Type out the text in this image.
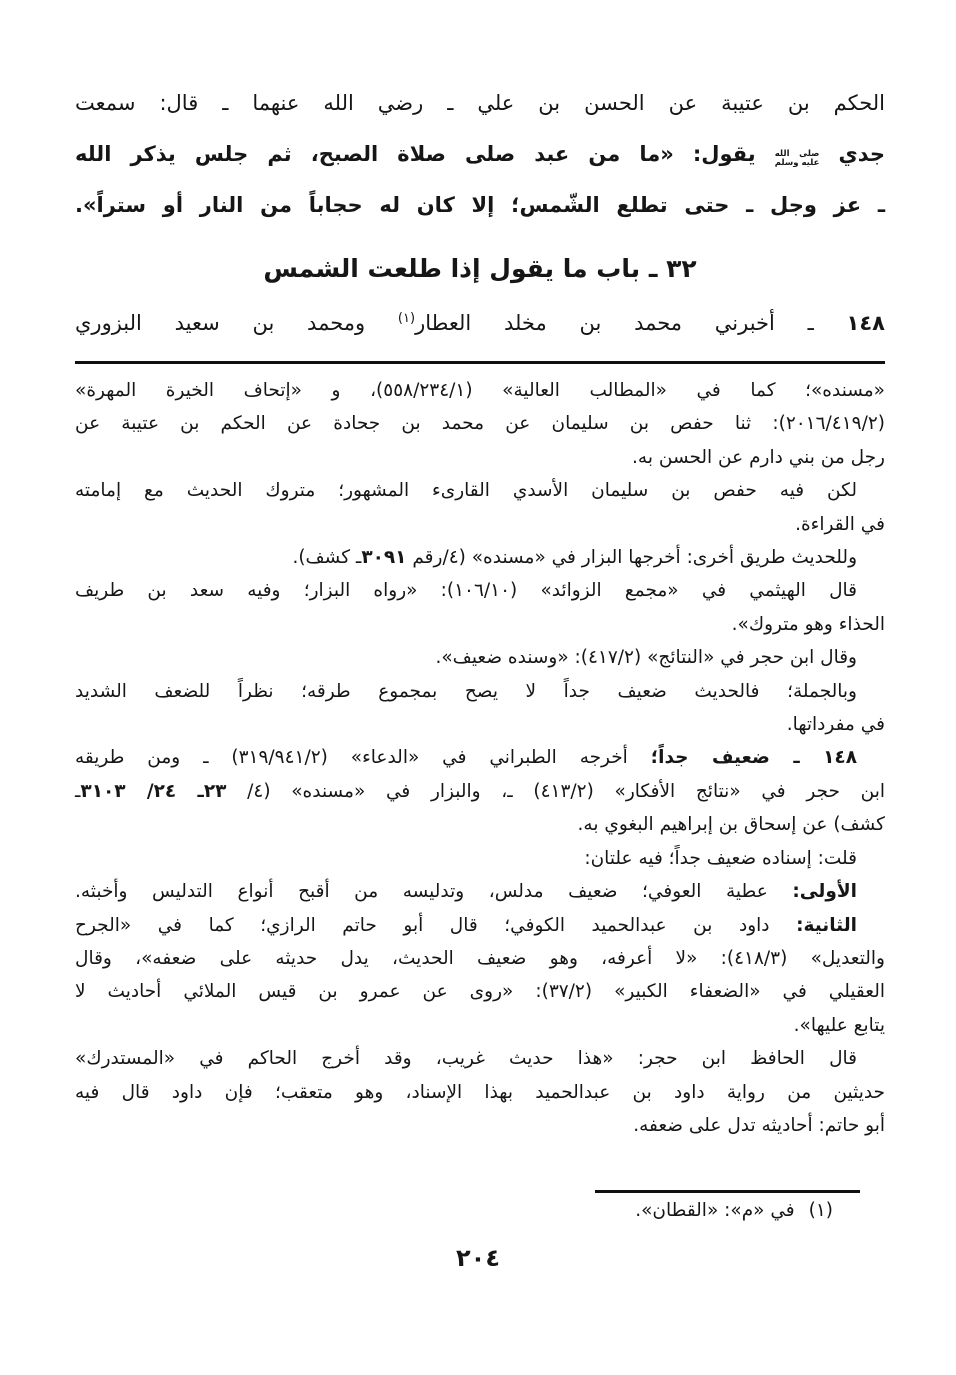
الحكم بن عتيبة عن الحسن بن علي ـ رضي الله عنهما ـ قال: سمعت
جدي
صلى الله
عليه وسلم
يقول: «ما من عبد صلى صلاة الصبح، ثم جلس يذكر الله
ـ عز وجل ـ حتى تطلع الشّمس؛ إلا كان له حجاباً من النار أو ستراً».
٣٢ ـ باب ما يقول إذا طلعت الشمس
١٤٨ ـ أخبرني محمد بن مخلد العطار$^{(١)}$ ومحمد بن سعيد البزوري
«مسنده»؛ كما في «المطالب العالية» (٥٥٨/٢٣٤/١)، و «إتحاف الخيرة المهرة»
(٢٠١٦/٤١٩/٢): ثنا حفص بن سليمان عن محمد بن جحادة عن الحكم بن عتيبة عن
رجل من بني دارم عن الحسن به.
لكن فيه حفص بن سليمان الأسدي القارىء المشهور؛ متروك الحديث مع إمامته
في القراءة.
وللحديث طريق أخرى: أخرجها البزار في «مسنده» (٤/رقم ٣٠٩١ـ كشف).
قال الهيثمي في «مجمع الزوائد» (١٠٦/١٠): «رواه البزار؛ وفيه سعد بن طريف
الحذاء وهو متروك».
وقال ابن حجر في «النتائج» (٤١٧/٢): «وسنده ضعيف».
وبالجملة؛ فالحديث ضعيف جداً لا يصح بمجموع طرقه؛ نظراً للضعف الشديد
في مفرداتها.
١٤٨ ـ ضعيف جداً؛ أخرجه الطبراني في «الدعاء» (٣١٩/٩٤١/٢) ـ ومن طريقه
ابن حجر في «نتائج الأفكار» (٤١٣/٢) ـ، والبزار في «مسنده» (٤/ ٢٣ـ ٢٤/ ٣١٠٣ـ
كشف) عن إسحاق بن إبراهيم البغوي به.
قلت: إسناده ضعيف جداً؛ فيه علتان:
الأولى: عطية العوفي؛ ضعيف مدلس، وتدليسه من أقبح أنواع التدليس وأخبثه.
الثانية: داود بن عبدالحميد الكوفي؛ قال أبو حاتم الرازي؛ كما في «الجرح
والتعديل» (٤١٨/٣): «لا أعرفه، وهو ضعيف الحديث، يدل حديثه على ضعفه»، وقال
العقيلي في «الضعفاء الكبير» (٣٧/٢): «روى عن عمرو بن قيس الملائي أحاديث لا
يتابع عليها».
قال الحافظ ابن حجر: «هذا حديث غريب، وقد أخرج الحاكم في «المستدرك»
حديثين من رواية داود بن عبدالحميد بهذا الإسناد، وهو متعقب؛ فإن داود قال فيه
أبو حاتم: أحاديثه تدل على ضعفه.
(١)في «م»: «القطان».
٢٠٤
